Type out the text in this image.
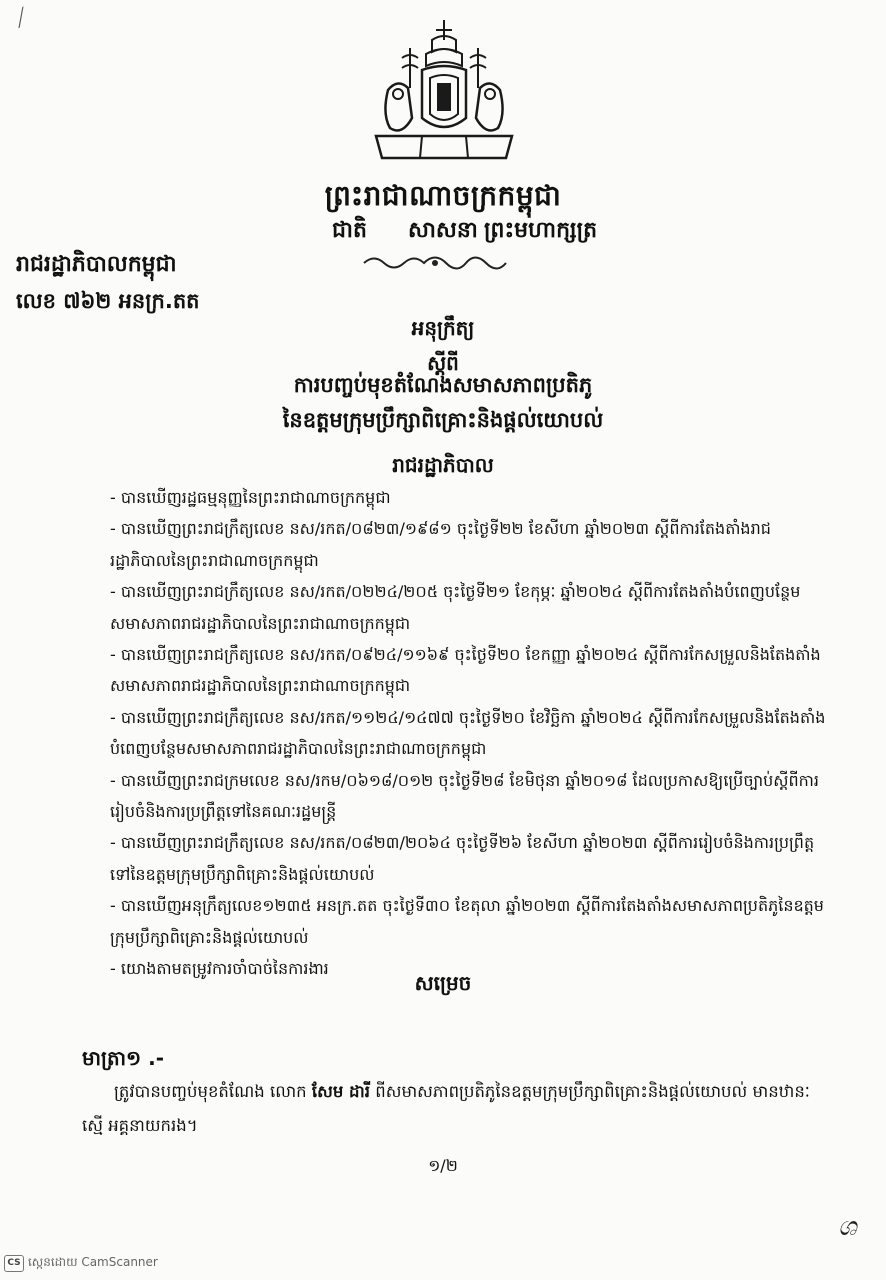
⟋
ព្រះរាជាណាចក្រកម្ពុជា
ជាតិ សាសនា ព្រះមហាក្សត្រ
រាជរដ្ឋាភិបាលកម្ពុជា
លេខ ៧៦២ អនក្រ.តត
អនុក្រឹត្យ
ស្តីពី
ការបញ្ចប់មុខតំណែងសមាសភាពប្រតិភូ
នៃឧត្តមក្រុមប្រឹក្សាពិគ្រោះនិងផ្តល់យោបល់
រាជរដ្ឋាភិបាល
- បានឃើញរដ្ឋធម្មនុញ្ញនៃព្រះរាជាណាចក្រកម្ពុជា
- បានឃើញព្រះរាជក្រឹត្យលេខ នស/រកត/០៨២៣/១៩៨១ ចុះថ្ងៃទី២២ ខែសីហា ឆ្នាំ២០២៣ ស្តីពីការតែងតាំងរាជរដ្ឋាភិបាលនៃព្រះរាជាណាចក្រកម្ពុជា
- បានឃើញព្រះរាជក្រឹត្យលេខ នស/រកត/០២២៤/២០៥ ចុះថ្ងៃទី២១ ខែកុម្ភៈ ឆ្នាំ២០២៤ ស្តីពីការតែងតាំងបំពេញបន្ថែមសមាសភាពរាជរដ្ឋាភិបាលនៃព្រះរាជាណាចក្រកម្ពុជា
- បានឃើញព្រះរាជក្រឹត្យលេខ នស/រកត/០៩២៤/១១៦៩ ចុះថ្ងៃទី២០ ខែកញ្ញា ឆ្នាំ២០២៤ ស្តីពីការកែសម្រួលនិងតែងតាំងសមាសភាពរាជរដ្ឋាភិបាលនៃព្រះរាជាណាចក្រកម្ពុជា
- បានឃើញព្រះរាជក្រឹត្យលេខ នស/រកត/១១២៤/១៤៧៧ ចុះថ្ងៃទី២០ ខែវិច្ឆិកា ឆ្នាំ២០២៤ ស្តីពីការកែសម្រួលនិងតែងតាំងបំពេញបន្ថែមសមាសភាពរាជរដ្ឋាភិបាលនៃព្រះរាជាណាចក្រកម្ពុជា
- បានឃើញព្រះរាជក្រមលេខ នស/រកម/០៦១៨/០១២ ចុះថ្ងៃទី២៨ ខែមិថុនា ឆ្នាំ២០១៨ ដែលប្រកាសឱ្យប្រើច្បាប់ស្តីពីការរៀបចំនិងការប្រព្រឹត្តទៅនៃគណៈរដ្ឋមន្ត្រី
- បានឃើញព្រះរាជក្រឹត្យលេខ នស/រកត/០៨២៣/២០៦៤ ចុះថ្ងៃទី២៦ ខែសីហា ឆ្នាំ២០២៣ ស្តីពីការរៀបចំនិងការប្រព្រឹត្តទៅនៃឧត្តមក្រុមប្រឹក្សាពិគ្រោះនិងផ្តល់យោបល់
- បានឃើញអនុក្រឹត្យលេខ១២៣៥ អនក្រ.តត ចុះថ្ងៃទី៣០ ខែតុលា ឆ្នាំ២០២៣ ស្តីពីការតែងតាំងសមាសភាពប្រតិភូនៃឧត្តមក្រុមប្រឹក្សាពិគ្រោះនិងផ្តល់យោបល់
- យោងតាមតម្រូវការចាំបាច់នៃការងារ
សម្រេច
មាត្រា១ .-
ត្រូវបានបញ្ចប់មុខតំណែង លោក សែម ដារី ពីសមាសភាពប្រតិភូនៃឧត្តមក្រុមប្រឹក្សាពិគ្រោះនិងផ្តល់យោបល់ មានឋានៈស្មើ អគ្គនាយករង។
១/២
ශ
CS ស្កេនដោយ CamScanner
